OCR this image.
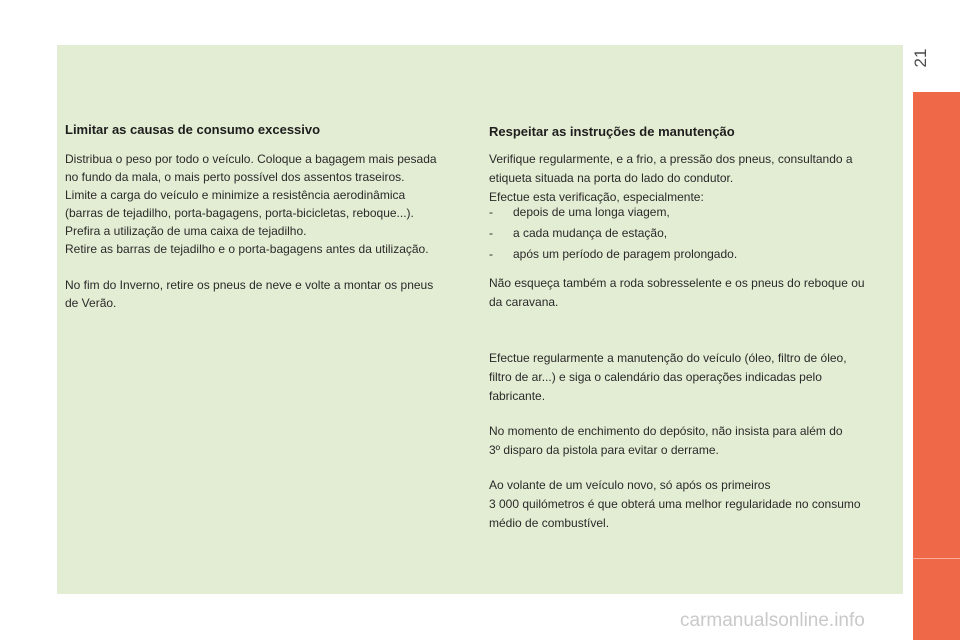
21
Limitar as causas de consumo excessivo

Distribua o peso por todo o veículo. Coloque a bagagem mais pesada

no fundo da mala, o mais perto possível dos assentos traseiros.

Limite a carga do veículo e minimize a resistência aerodinâmica

(barras de tejadilho, porta-bagagens, porta-bicicletas, reboque...).

Prefira a utilização de uma caixa de tejadilho.

Retire as barras de tejadilho e o porta-bagagens antes da utilização.

No fim do Inverno, retire os pneus de neve e volte a montar os pneus

de Verão.

Respeitar as instruções de manutenção

Verifique regularmente, e a frio, a pressão dos pneus, consultando a

etiqueta situada na porta do lado do condutor.

Efectue esta verificação, especialmente:

- depois de uma longa viagem,
- a cada mudança de estação,
- após um período de paragem prolongado.

Não esqueça também a roda sobresselente e os pneus do reboque ou

da caravana.

Efectue regularmente a manutenção do veículo (óleo, filtro de óleo,

filtro de ar...) e siga o calendário das operações indicadas pelo

fabricante.

No momento de enchimento do depósito, não insista para além do

3º disparo da pistola para evitar o derrame.

Ao volante de um veículo novo, só após os primeiros

3 000 quilómetros é que obterá uma melhor regularidade no consumo

médio de combustível.

carmanualsonline.info
